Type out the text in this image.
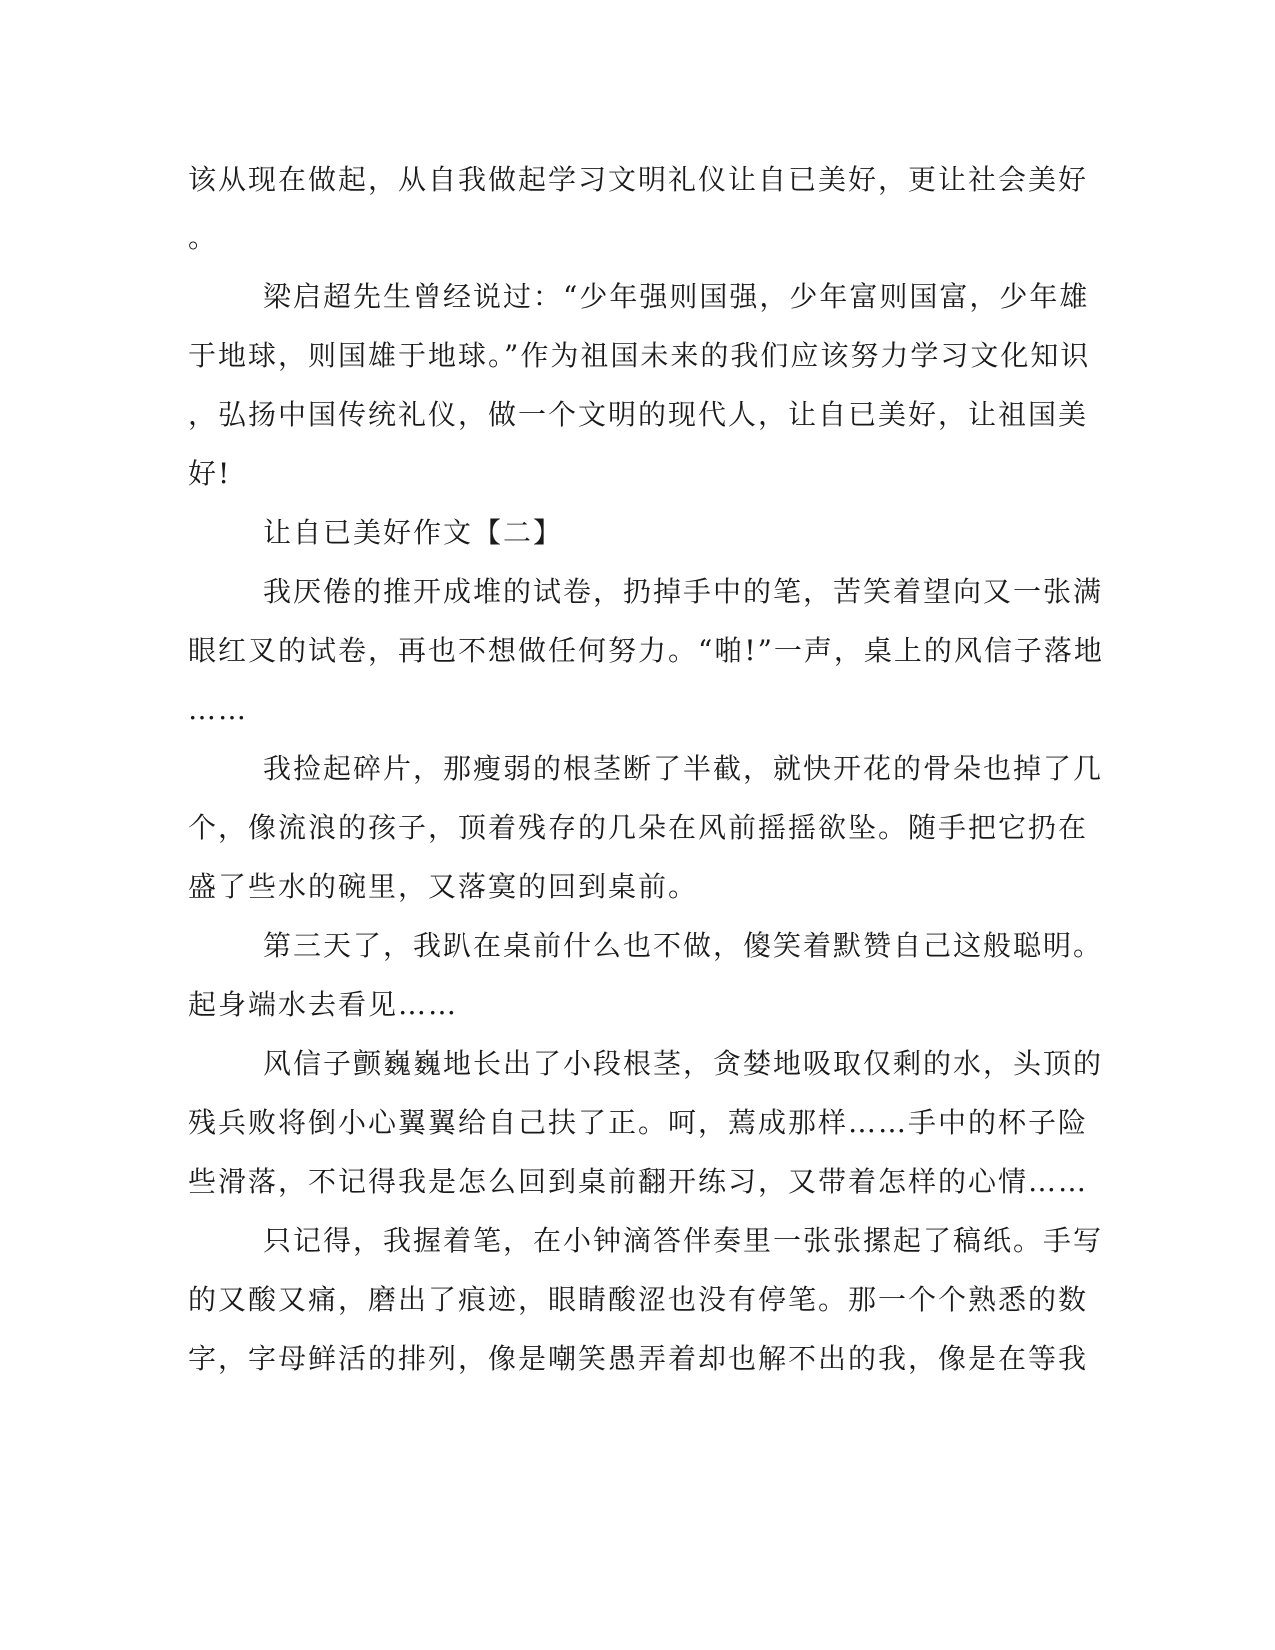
该从现在做起，从自我做起学习文明礼仪让自已美好，更让社会美好
。
梁启超先生曾经说过：“少年强则国强，少年富则国富，少年雄
于地球，则国雄于地球。”作为祖国未来的我们应该努力学习文化知识
，弘扬中国传统礼仪，做一个文明的现代人，让自已美好，让祖国美
好!
让自已美好作文【二】
我厌倦的推开成堆的试卷，扔掉手中的笔，苦笑着望向又一张满
眼红叉的试卷，再也不想做任何努力。“啪!”一声，桌上的风信子落地
……
我捡起碎片，那瘦弱的根茎断了半截，就快开花的骨朵也掉了几
个，像流浪的孩子，顶着残存的几朵在风前摇摇欲坠。随手把它扔在
盛了些水的碗里，又落寞的回到桌前。
第三天了，我趴在桌前什么也不做，傻笑着默赞自己这般聪明。
起身端水去看见……
风信子颤巍巍地长出了小段根茎，贪婪地吸取仅剩的水，头顶的
残兵败将倒小心翼翼给自己扶了正。呵，蔫成那样……手中的杯子险
些滑落，不记得我是怎么回到桌前翻开练习，又带着怎样的心情……
只记得，我握着笔，在小钟滴答伴奏里一张张摞起了稿纸。手写
的又酸又痛，磨出了痕迹，眼睛酸涩也没有停笔。那一个个熟悉的数
字，字母鲜活的排列，像是嘲笑愚弄着却也解不出的我，像是在等我
